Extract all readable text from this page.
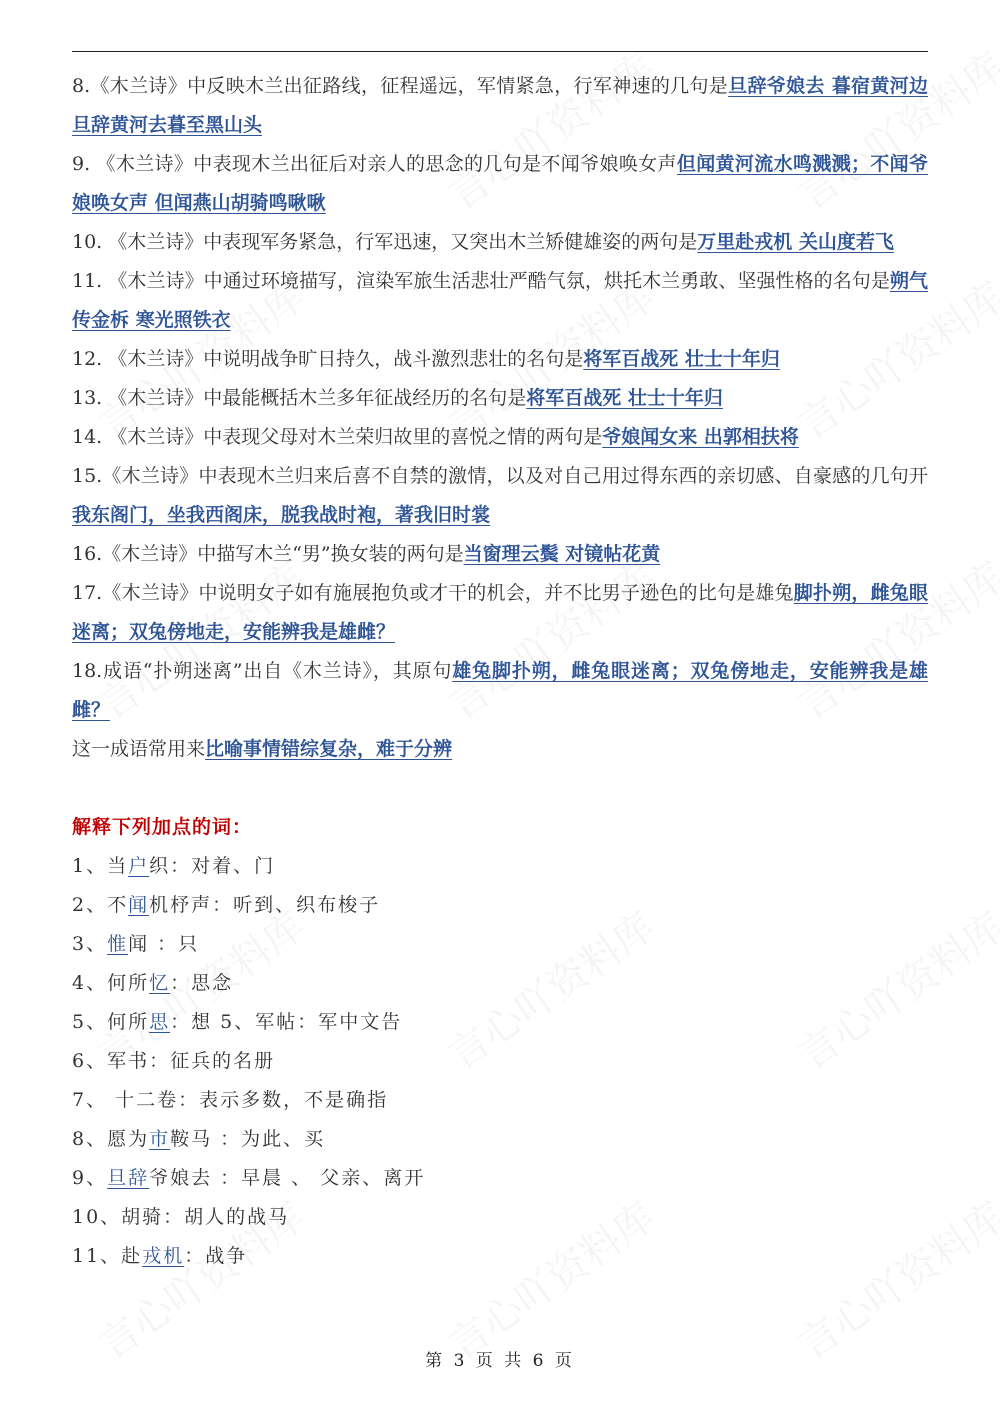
8.《木兰诗》中反映木兰出征路线，征程遥远，军情紧急，行军神速的几句是旦辞爷娘去 暮宿黄河边 旦辞黄河去暮至黑山头
9. 《木兰诗》中表现木兰出征后对亲人的思念的几句是不闻爷娘唤女声但闻黄河流水鸣溅溅；不闻爷娘唤女声 但闻燕山胡骑鸣啾啾
10. 《木兰诗》中表现军务紧急，行军迅速，又突出木兰矫健雄姿的两句是万里赴戎机 关山度若飞
11. 《木兰诗》中通过环境描写，渲染军旅生活悲壮严酷气氛，烘托木兰勇敢、坚强性格的名句是朔气传金柝 寒光照铁衣
12. 《木兰诗》中说明战争旷日持久，战斗激烈悲壮的名句是将军百战死 壮士十年归
13. 《木兰诗》中最能概括木兰多年征战经历的名句是将军百战死 壮士十年归
14. 《木兰诗》中表现父母对木兰荣归故里的喜悦之情的两句是爷娘闻女来 出郭相扶将
15.《木兰诗》中表现木兰归来后喜不自禁的激情，以及对自己用过得东西的亲切感、自豪感的几句开我东阁门，坐我西阁床，脱我战时袍，著我旧时裳
16.《木兰诗》中描写木兰“男”换女装的两句是当窗理云鬓 对镜帖花黄
17.《木兰诗》中说明女子如有施展抱负或才干的机会，并不比男子逊色的比句是雄兔脚扑朔，雌兔眼迷离；双兔傍地走，安能辨我是雄雌？
18.成语“扑朔迷离”出自《木兰诗》，其原句雄兔脚扑朔，雌兔眼迷离；双兔傍地走，安能辨我是雄雌？
这一成语常用来比喻事情错综复杂，难于分辨
解释下列加点的词：
1、当户织：对着、门
2、不闻机杼声：听到、织布梭子
3、惟闻 ：只
4、何所忆：思念
5、何所思：想 5、军帖：军中文告
6、军书：征兵的名册
7、 十二卷：表示多数，不是确指
8、愿为市鞍马 ：为此、买
9、旦辞爷娘去 ：早晨 、 父亲、离开
10、胡骑：胡人的战马
11、赴戎机：战争
第 3 页 共 6 页
